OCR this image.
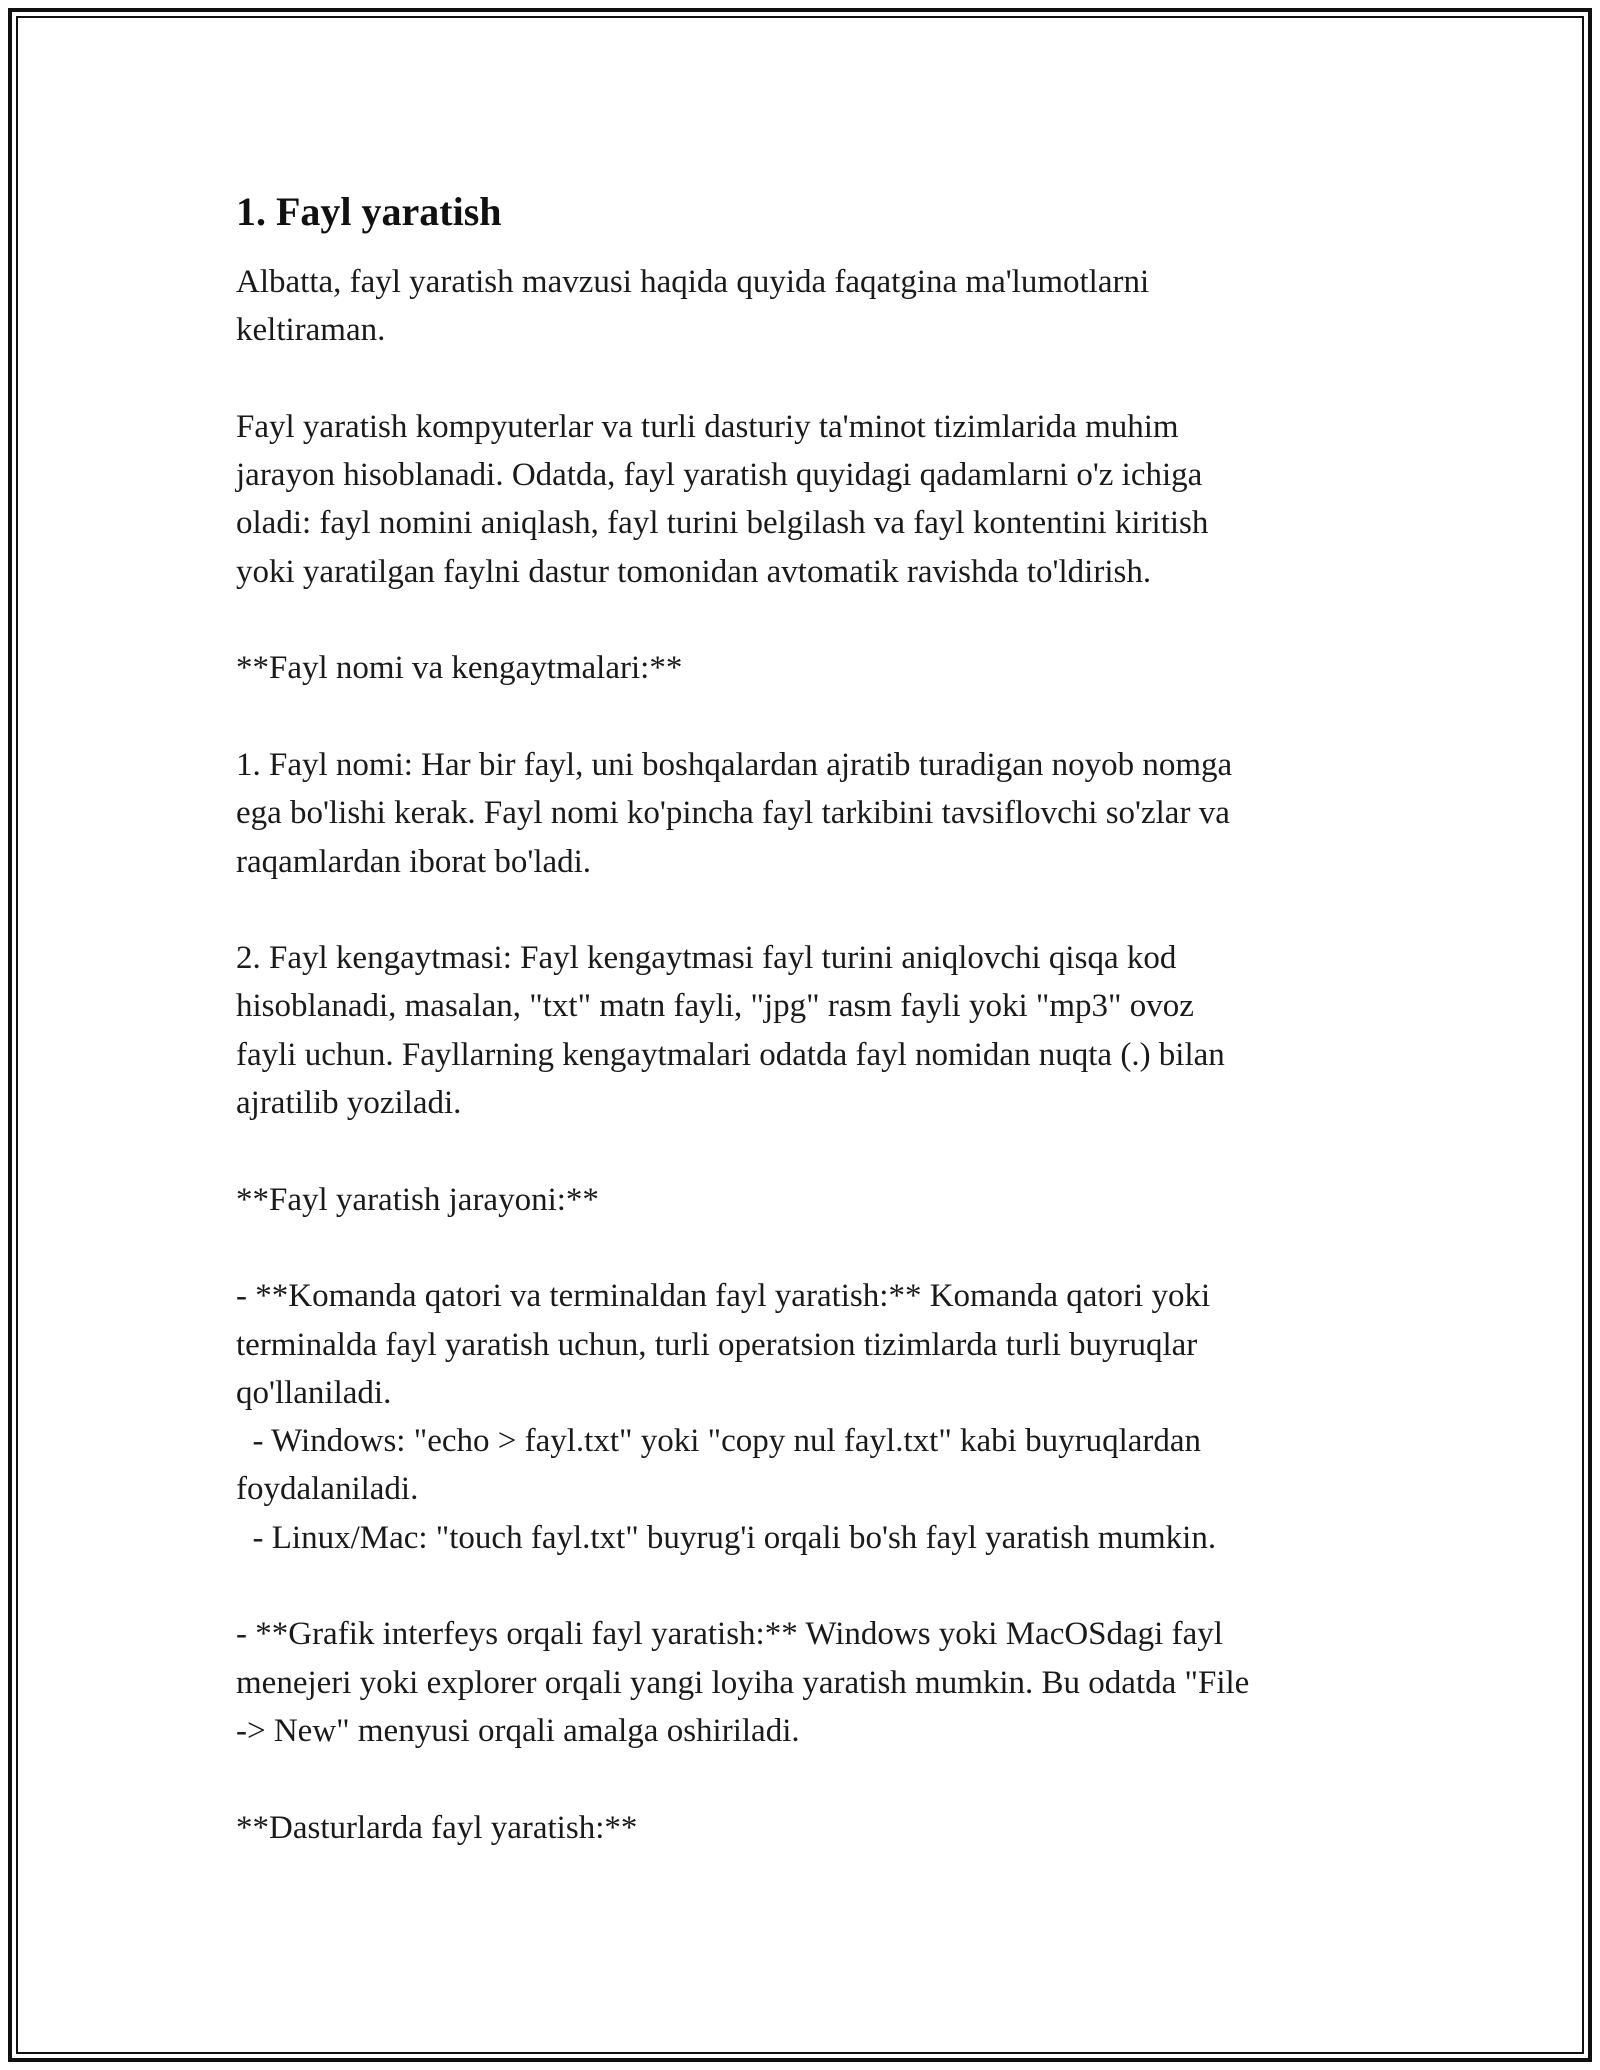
1. Fayl yaratish

Albatta, fayl yaratish mavzusi haqida quyida faqatgina ma'lumotlarni
keltiraman.

Fayl yaratish kompyuterlar va turli dasturiy ta'minot tizimlarida muhim
jarayon hisoblanadi. Odatda, fayl yaratish quyidagi qadamlarni o'z ichiga
oladi: fayl nomini aniqlash, fayl turini belgilash va fayl kontentini kiritish
yoki yaratilgan faylni dastur tomonidan avtomatik ravishda to'ldirish.

**Fayl nomi va kengaytmalari:**

1. Fayl nomi: Har bir fayl, uni boshqalardan ajratib turadigan noyob nomga
ega bo'lishi kerak. Fayl nomi ko'pincha fayl tarkibini tavsiflovchi so'zlar va
raqamlardan iborat bo'ladi.

2. Fayl kengaytmasi: Fayl kengaytmasi fayl turini aniqlovchi qisqa kod
hisoblanadi, masalan, "txt" matn fayli, "jpg" rasm fayli yoki "mp3" ovoz
fayli uchun. Fayllarning kengaytmalari odatda fayl nomidan nuqta (.) bilan
ajratilib yoziladi.

**Fayl yaratish jarayoni:**

- **Komanda qatori va terminaldan fayl yaratish:** Komanda qatori yoki
terminalda fayl yaratish uchun, turli operatsion tizimlarda turli buyruqlar
qo'llaniladi.
- Windows: "echo > fayl.txt" yoki "copy nul fayl.txt" kabi buyruqlardan
foydalaniladi.
- Linux/Mac: "touch fayl.txt" buyrug'i orqali bo'sh fayl yaratish mumkin.

- **Grafik interfeys orqali fayl yaratish:** Windows yoki MacOSdagi fayl
menejeri yoki explorer orqali yangi loyiha yaratish mumkin. Bu odatda "File
-> New" menyusi orqali amalga oshiriladi.

**Dasturlarda fayl yaratish:**
